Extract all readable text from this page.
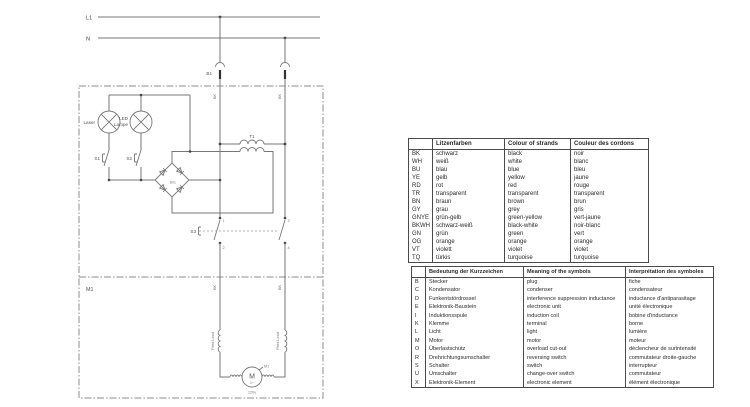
L1
N
B1
M1
BK	BK
BK	BK
Laser
LED
Lampe
S1	S2
Br1
T1
S3
1
2
3
4
Field Lead	Field Lead
M
1~
M1
120v
	Litzenfarben	Colour of strands	Couleur des cordons
BK	schwarz	black	noir
WH	weiß	white	blanc
BU	blau	blue	bleu
YE	gelb	yellow	jaune
RD	rot	red	rouge
TR	transparent	transparent	transparent
BN	braun	brown	brun
GY	grau	grey	gris
GNYE	grün-gelb	green-yellow	vert-jaune
BKWH	schwarz-weiß	black-white	noir-blanc
GN	grün	green	vert
OG	orange	orange	orange
VT	violett	violet	violet
TQ	türkis	turquoise	turquoise
	Bedeutung der Kurzzeichen	Meaning of the symbols	Interprétation des symboles
B	Stecker	plug	fiche
C	Kondensator	condenser	condensateur
D	Funkentstördrossel	interference suppression inductance	inductance d'antiparasitage
E	Elektronik-Baustein	electronic unit	unité électronique
I	Induktionsspule	induction coil	bobine d'inductance
K	Klemme	terminal	borne
L	Licht	light	lumière
M	Motor	motor	moteur
O	Überlastschutz	overload cut-out	déclencheur de surintensité
R	Drehrichtungsumschalter	reversing switch	commutateur droite-gauche
S	Schalter	switch	interrupteur
U	Umschalter	change-over switch	commutateur
X	Elektronik-Element	electronic element	élément électronique
